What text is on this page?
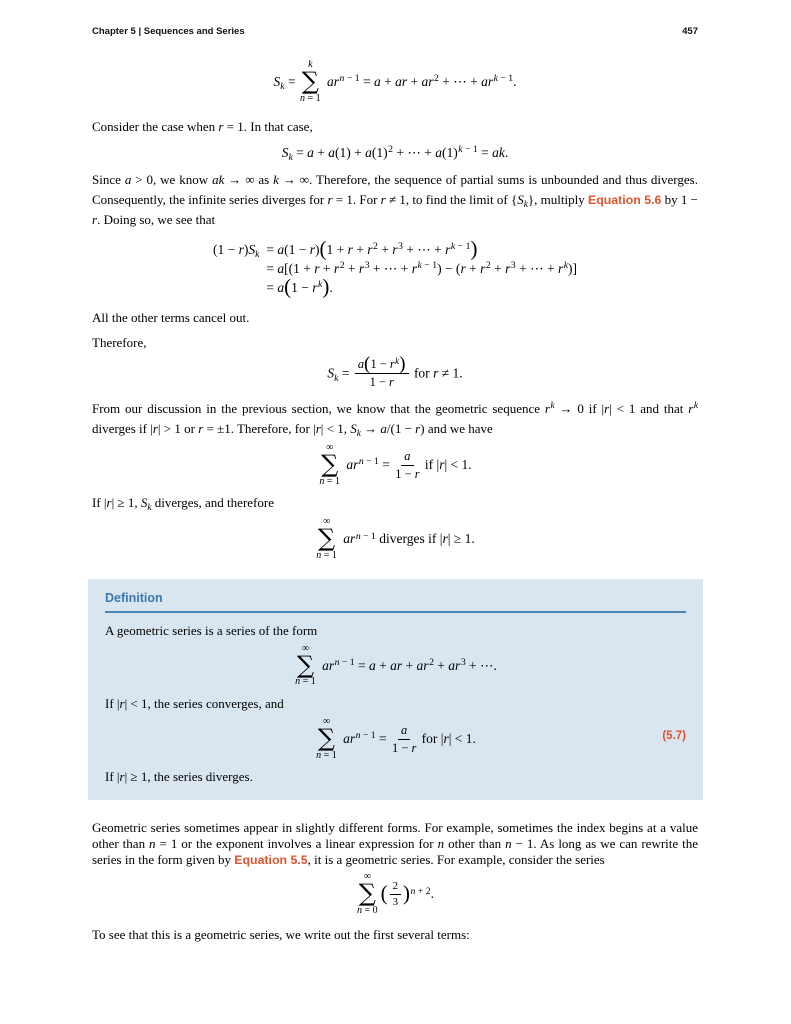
Chapter 5 | Sequences and Series	457
$S_k$ =
k
∑
n = 1
$ar^{n - 1} = a$ + ar + $ar^2$ + ⋯ + $ar^{k - 1}$.

Consider the case when r = 1. In that case,

$S_k = a + a(1) + a(1)^2$ + ⋯ + $a(1)^{k - 1}$ = ak.

Since a > 0, we know ak → ∞ as k → ∞. Therefore, the sequence of partial sums is unbounded and thus diverges. Consequently, the infinite series diverges for r = 1. For r ≠ 1, to find the limit of $\{S_k\}$, multiply Equation 5.6 by 1 − r. Doing so, we see that

$(1 - r)S_k = a(1 - r)(1 + r + r^2 + r^3$ + ⋯ + $r^{k - 1}$)
= $a[(1 + r + r^2 + r^3$ + ⋯ + $r^{k - 1}) - (r + r^2 + r^3$ + ⋯ + $r^k$)]
= $a(1 - r^k)$.

All the other terms cancel out.

Therefore,

$S_k = \frac{a(1 - r^k)}{1 - r}$ for r ≠ 1.

From our discussion in the previous section, we know that the geometric sequence $r^k \to 0$ if |r| < 1 and that $r^k$ diverges if |r| > 1 or r = ±1. Therefore, for |r| < 1, $S_k \to a/(1 - r)$ and we have

∞
∑
n = 1
$ar^{n - 1} = \frac{a}{1 - r}$ if |r| < 1.

If |r| ≥ 1, $S_k$ diverges, and therefore

∞
∑
n = 1
$ar^{n - 1}$ diverges if |r| ≥ 1.
Definition

A geometric series is a series of the form

∞
∑
n = 1
$ar^{n - 1} = a$ + ar + $ar^2 + ar^3$ + ⋯.

If |r| < 1, the series converges, and

∞
∑
n = 1
$ar^{n - 1} = \frac{a}{1 - r}$ for |r| < 1.	(5.7)

If |r| ≥ 1, the series diverges.

Geometric series sometimes appear in slightly different forms. For example, sometimes the index begins at a value other than n = 1 or the exponent involves a linear expression for n other than n − 1. As long as we can rewrite the series in the form given by Equation 5.5, it is a geometric series. For example, consider the series

∞
∑
n = 0
( $\frac{2}{3} )^{n + 2}$.

To see that this is a geometric series, we write out the first several terms:
